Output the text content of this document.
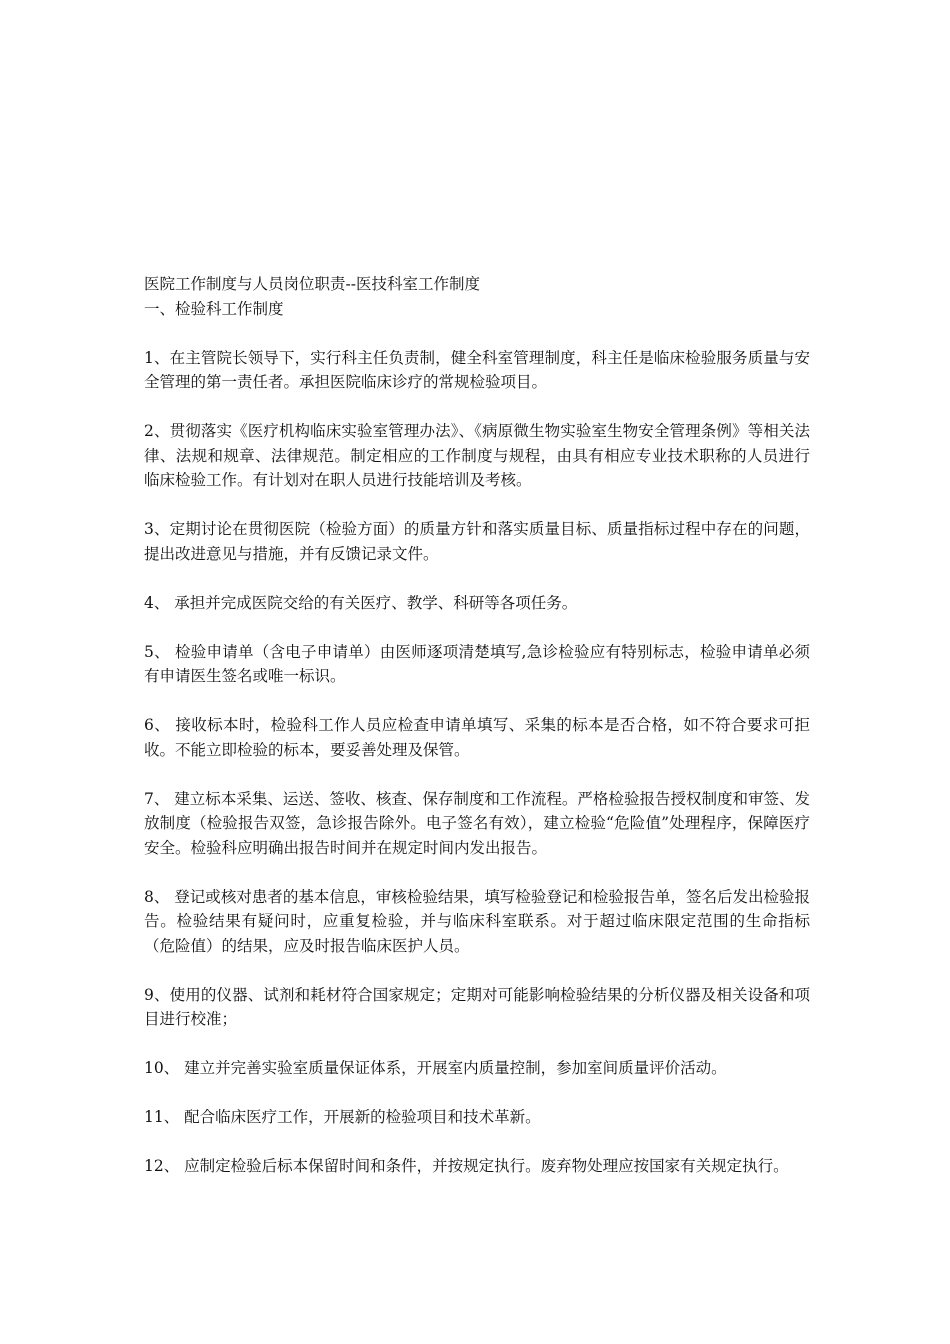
医院工作制度与人员岗位职责--医技科室工作制度
一、检验科工作制度
1、在主管院长领导下，实行科主任负责制，健全科室管理制度，科主任是临床检验服务质量与安全管理的第一责任者。承担医院临床诊疗的常规检验项目。
2、贯彻落实《医疗机构临床实验室管理办法》、《病原微生物实验室生物安全管理条例》等相关法律、法规和规章、法律规范。制定相应的工作制度与规程，由具有相应专业技术职称的人员进行临床检验工作。有计划对在职人员进行技能培训及考核。
3、定期讨论在贯彻医院（检验方面）的质量方针和落实质量目标、质量指标过程中存在的问题，提出改进意见与措施，并有反馈记录文件。
4、 承担并完成医院交给的有关医疗、教学、科研等各项任务。
5、 检验申请单（含电子申请单）由医师逐项清楚填写,急诊检验应有特别标志，检验申请单必须有申请医生签名或唯一标识。
6、 接收标本时，检验科工作人员应检查申请单填写、采集的标本是否合格，如不符合要求可拒收。不能立即检验的标本，要妥善处理及保管。
7、 建立标本采集、运送、签收、核查、保存制度和工作流程。严格检验报告授权制度和审签、发放制度（检验报告双签，急诊报告除外。电子签名有效），建立检验“危险值”处理程序，保障医疗安全。检验科应明确出报告时间并在规定时间内发出报告。
8、 登记或核对患者的基本信息，审核检验结果，填写检验登记和检验报告单，签名后发出检验报告。检验结果有疑问时，应重复检验，并与临床科室联系。对于超过临床限定范围的生命指标（危险值）的结果，应及时报告临床医护人员。
9、使用的仪器、试剂和耗材符合国家规定；定期对可能影响检验结果的分析仪器及相关设备和项目进行校准；
10、 建立并完善实验室质量保证体系，开展室内质量控制，参加室间质量评价活动。
11、 配合临床医疗工作，开展新的检验项目和技术革新。
12、 应制定检验后标本保留时间和条件，并按规定执行。废弃物处理应按国家有关规定执行。
